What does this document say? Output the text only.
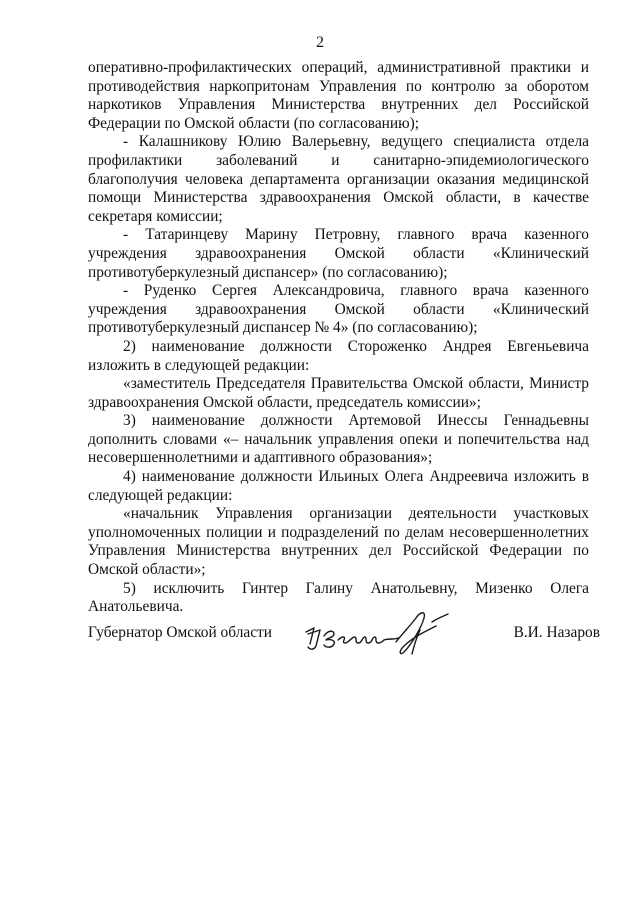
2

оперативно-профилактических операций, административной практики и противодействия наркопритонам Управления по контролю за оборотом наркотиков Управления Министерства внутренних дел Российской Федерации по Омской области (по согласованию);

- Калашникову Юлию Валерьевну, ведущего специалиста отдела профилактики заболеваний и санитарно-эпидемиологического благополучия человека департамента организации оказания медицинской помощи Министерства здравоохранения Омской области, в качестве секретаря комиссии;

- Татаринцеву Марину Петровну, главного врача казенного учреждения здравоохранения Омской области «Клинический противотуберкулезный диспансер» (по согласованию);

- Руденко Сергея Александровича, главного врача казенного учреждения здравоохранения Омской области «Клинический противотуберкулезный диспансер № 4» (по согласованию);

2) наименование должности Стороженко Андрея Евгеньевича изложить в следующей редакции:

«заместитель Председателя Правительства Омской области, Министр здравоохранения Омской области, председатель комиссии»;

3) наименование должности Артемовой Инессы Геннадьевны дополнить словами «– начальник управления опеки и попечительства над несовершеннолетними и адаптивного образования»;

4) наименование должности Ильиных Олега Андреевича изложить в следующей редакции:

«начальник Управления организации деятельности участковых уполномоченных полиции и подразделений по делам несовершеннолетних Управления Министерства внутренних дел Российской Федерации по Омской области»;

5) исключить Гинтер Галину Анатольевну, Мизенко Олега Анатольевича.

Губернатор Омской области	В.И. Назаров
